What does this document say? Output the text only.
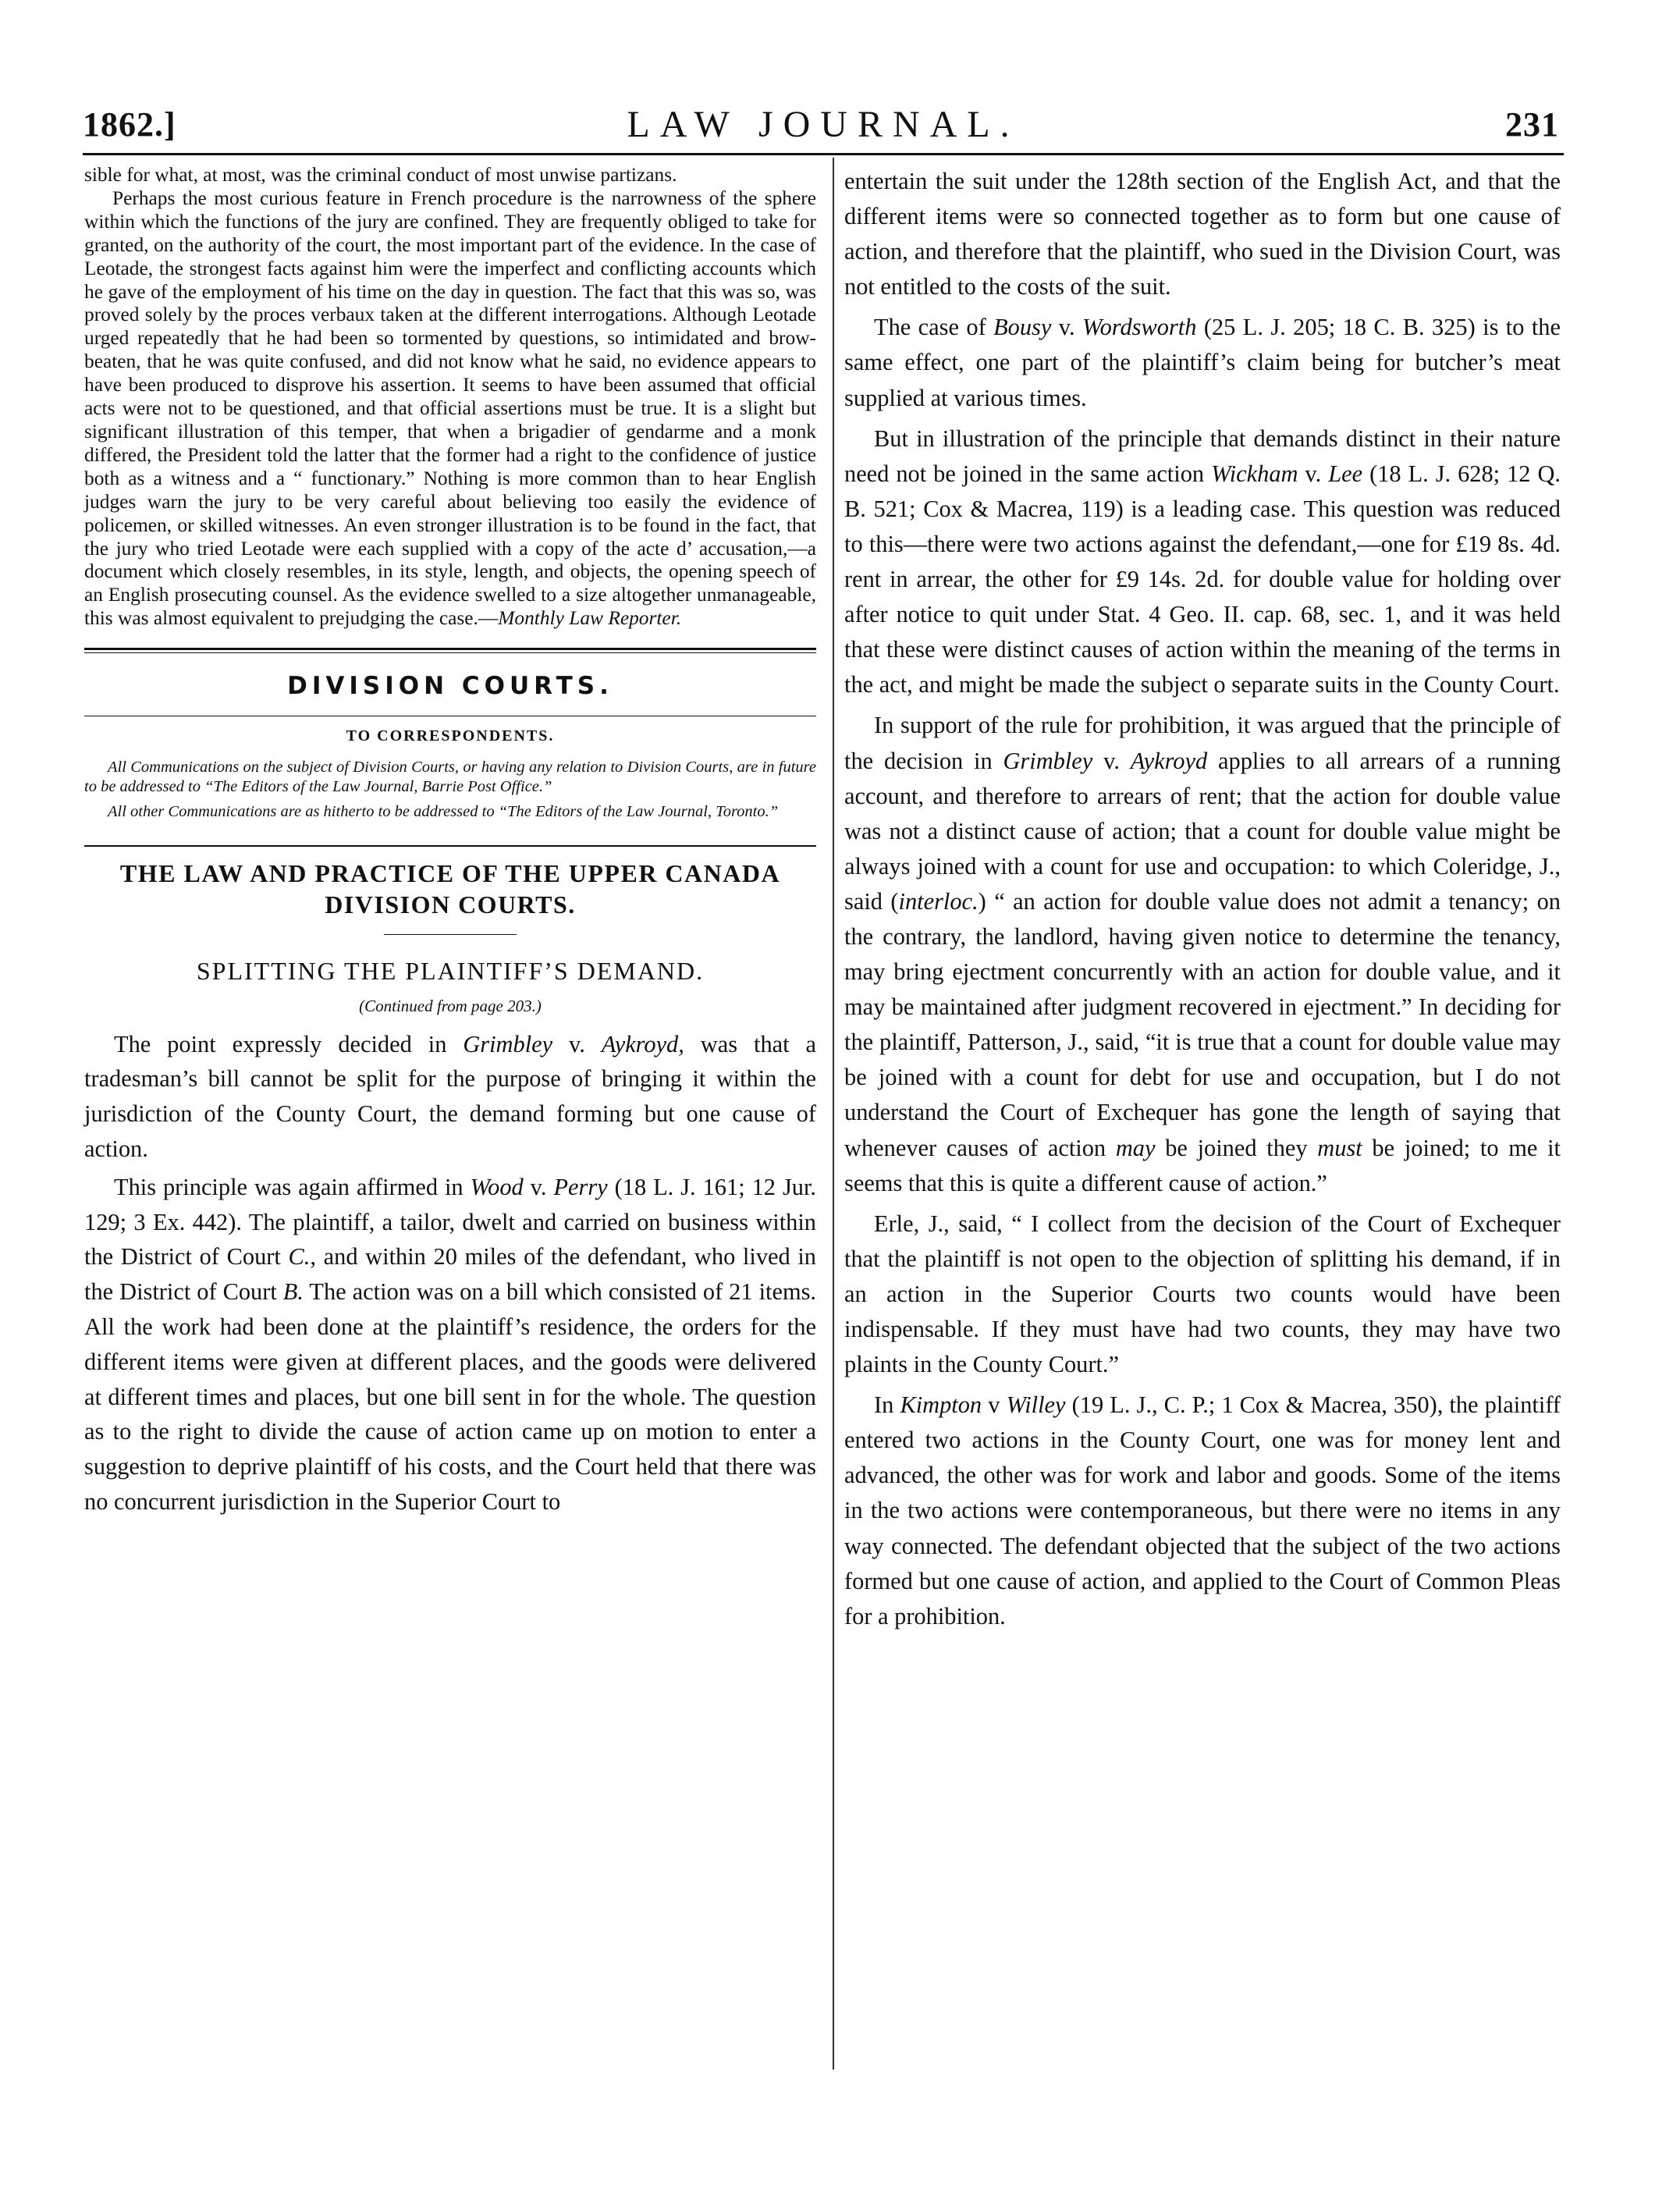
1862.]	LAW JOURNAL.	231

sible for what, at most, was the criminal conduct of most unwise partizans.

Perhaps the most curious feature in French procedure is the narrowness of the sphere within which the functions of the jury are confined. They are frequently obliged to take for granted, on the authority of the court, the most important part of the evidence. In the case of Leotade, the strongest facts against him were the imperfect and conflicting accounts which he gave of the employment of his time on the day in question. The fact that this was so, was proved solely by the proces verbaux taken at the different interrogations. Although Leotade urged repeatedly that he had been so tormented by questions, so intimidated and brow-beaten, that he was quite confused, and did not know what he said, no evidence appears to have been produced to disprove his assertion. It seems to have been assumed that official acts were not to be questioned, and that official assertions must be true. It is a slight but significant illustration of this temper, that when a brigadier of gendarme and a monk differed, the President told the latter that the former had a right to the confidence of justice both as a witness and a “ functionary.” Nothing is more common than to hear English judges warn the jury to be very careful about believing too easily the evidence of policemen, or skilled witnesses. An even stronger illustration is to be found in the fact, that the jury who tried Leotade were each supplied with a copy of the acte d’ accusation,—a document which closely resembles, in its style, length, and objects, the opening speech of an English prosecuting counsel. As the evidence swelled to a size altogether unmanageable, this was almost equivalent to prejudging the case.—Monthly Law Reporter.

DIVISION COURTS.
TO CORRESPONDENTS.

All Communications on the subject of Division Courts, or having any relation to Division Courts, are in future to be addressed to “The Editors of the Law Journal, Barrie Post Office.”

All other Communications are as hitherto to be addressed to “The Editors of the Law Journal, Toronto.”

THE LAW AND PRACTICE OF THE UPPER CANADA DIVISION COURTS.
SPLITTING THE PLAINTIFF’S DEMAND.
(Continued from page 203.)

The point expressly decided in Grimbley v. Aykroyd, was that a tradesman’s bill cannot be split for the purpose of bringing it within the jurisdiction of the County Court, the demand forming but one cause of action.

This principle was again affirmed in Wood v. Perry (18 L. J. 161; 12 Jur. 129; 3 Ex. 442). The plaintiff, a tailor, dwelt and carried on business within the District of Court C., and within 20 miles of the defendant, who lived in the District of Court B. The action was on a bill which consisted of 21 items. All the work had been done at the plaintiff’s residence, the orders for the different items were given at different places, and the goods were delivered at different times and places, but one bill sent in for the whole. The question as to the right to divide the cause of action came up on motion to enter a suggestion to deprive plaintiff of his costs, and the Court held that there was no concurrent jurisdiction in the Superior Court to

entertain the suit under the 128th section of the English Act, and that the different items were so connected together as to form but one cause of action, and therefore that the plaintiff, who sued in the Division Court, was not entitled to the costs of the suit.

The case of Bousy v. Wordsworth (25 L. J. 205; 18 C. B. 325) is to the same effect, one part of the plaintiff’s claim being for butcher’s meat supplied at various times.

But in illustration of the principle that demands distinct in their nature need not be joined in the same action Wickham v. Lee (18 L. J. 628; 12 Q. B. 521; Cox & Macrea, 119) is a leading case. This question was reduced to this—there were two actions against the defendant,—one for £19 8s. 4d. rent in arrear, the other for £9 14s. 2d. for double value for holding over after notice to quit under Stat. 4 Geo. II. cap. 68, sec. 1, and it was held that these were distinct causes of action within the meaning of the terms in the act, and might be made the subject o separate suits in the County Court.

In support of the rule for prohibition, it was argued that the principle of the decision in Grimbley v. Aykroyd applies to all arrears of a running account, and therefore to arrears of rent; that the action for double value was not a distinct cause of action; that a count for double value might be always joined with a count for use and occupation: to which Coleridge, J., said (interloc.) “ an action for double value does not admit a tenancy; on the contrary, the landlord, having given notice to determine the tenancy, may bring ejectment concurrently with an action for double value, and it may be maintained after judgment recovered in ejectment.” In deciding for the plaintiff, Patterson, J., said, “it is true that a count for double value may be joined with a count for debt for use and occupation, but I do not understand the Court of Exchequer has gone the length of saying that whenever causes of action may be joined they must be joined; to me it seems that this is quite a different cause of action.”

Erle, J., said, “ I collect from the decision of the Court of Exchequer that the plaintiff is not open to the objection of splitting his demand, if in an action in the Superior Courts two counts would have been indispensable. If they must have had two counts, they may have two plaints in the County Court.”

In Kimpton v Willey (19 L. J., C. P.; 1 Cox & Macrea, 350), the plaintiff entered two actions in the County Court, one was for money lent and advanced, the other was for work and labor and goods. Some of the items in the two actions were contemporaneous, but there were no items in any way connected. The defendant objected that the subject of the two actions formed but one cause of action, and applied to the Court of Common Pleas for a prohibition.
